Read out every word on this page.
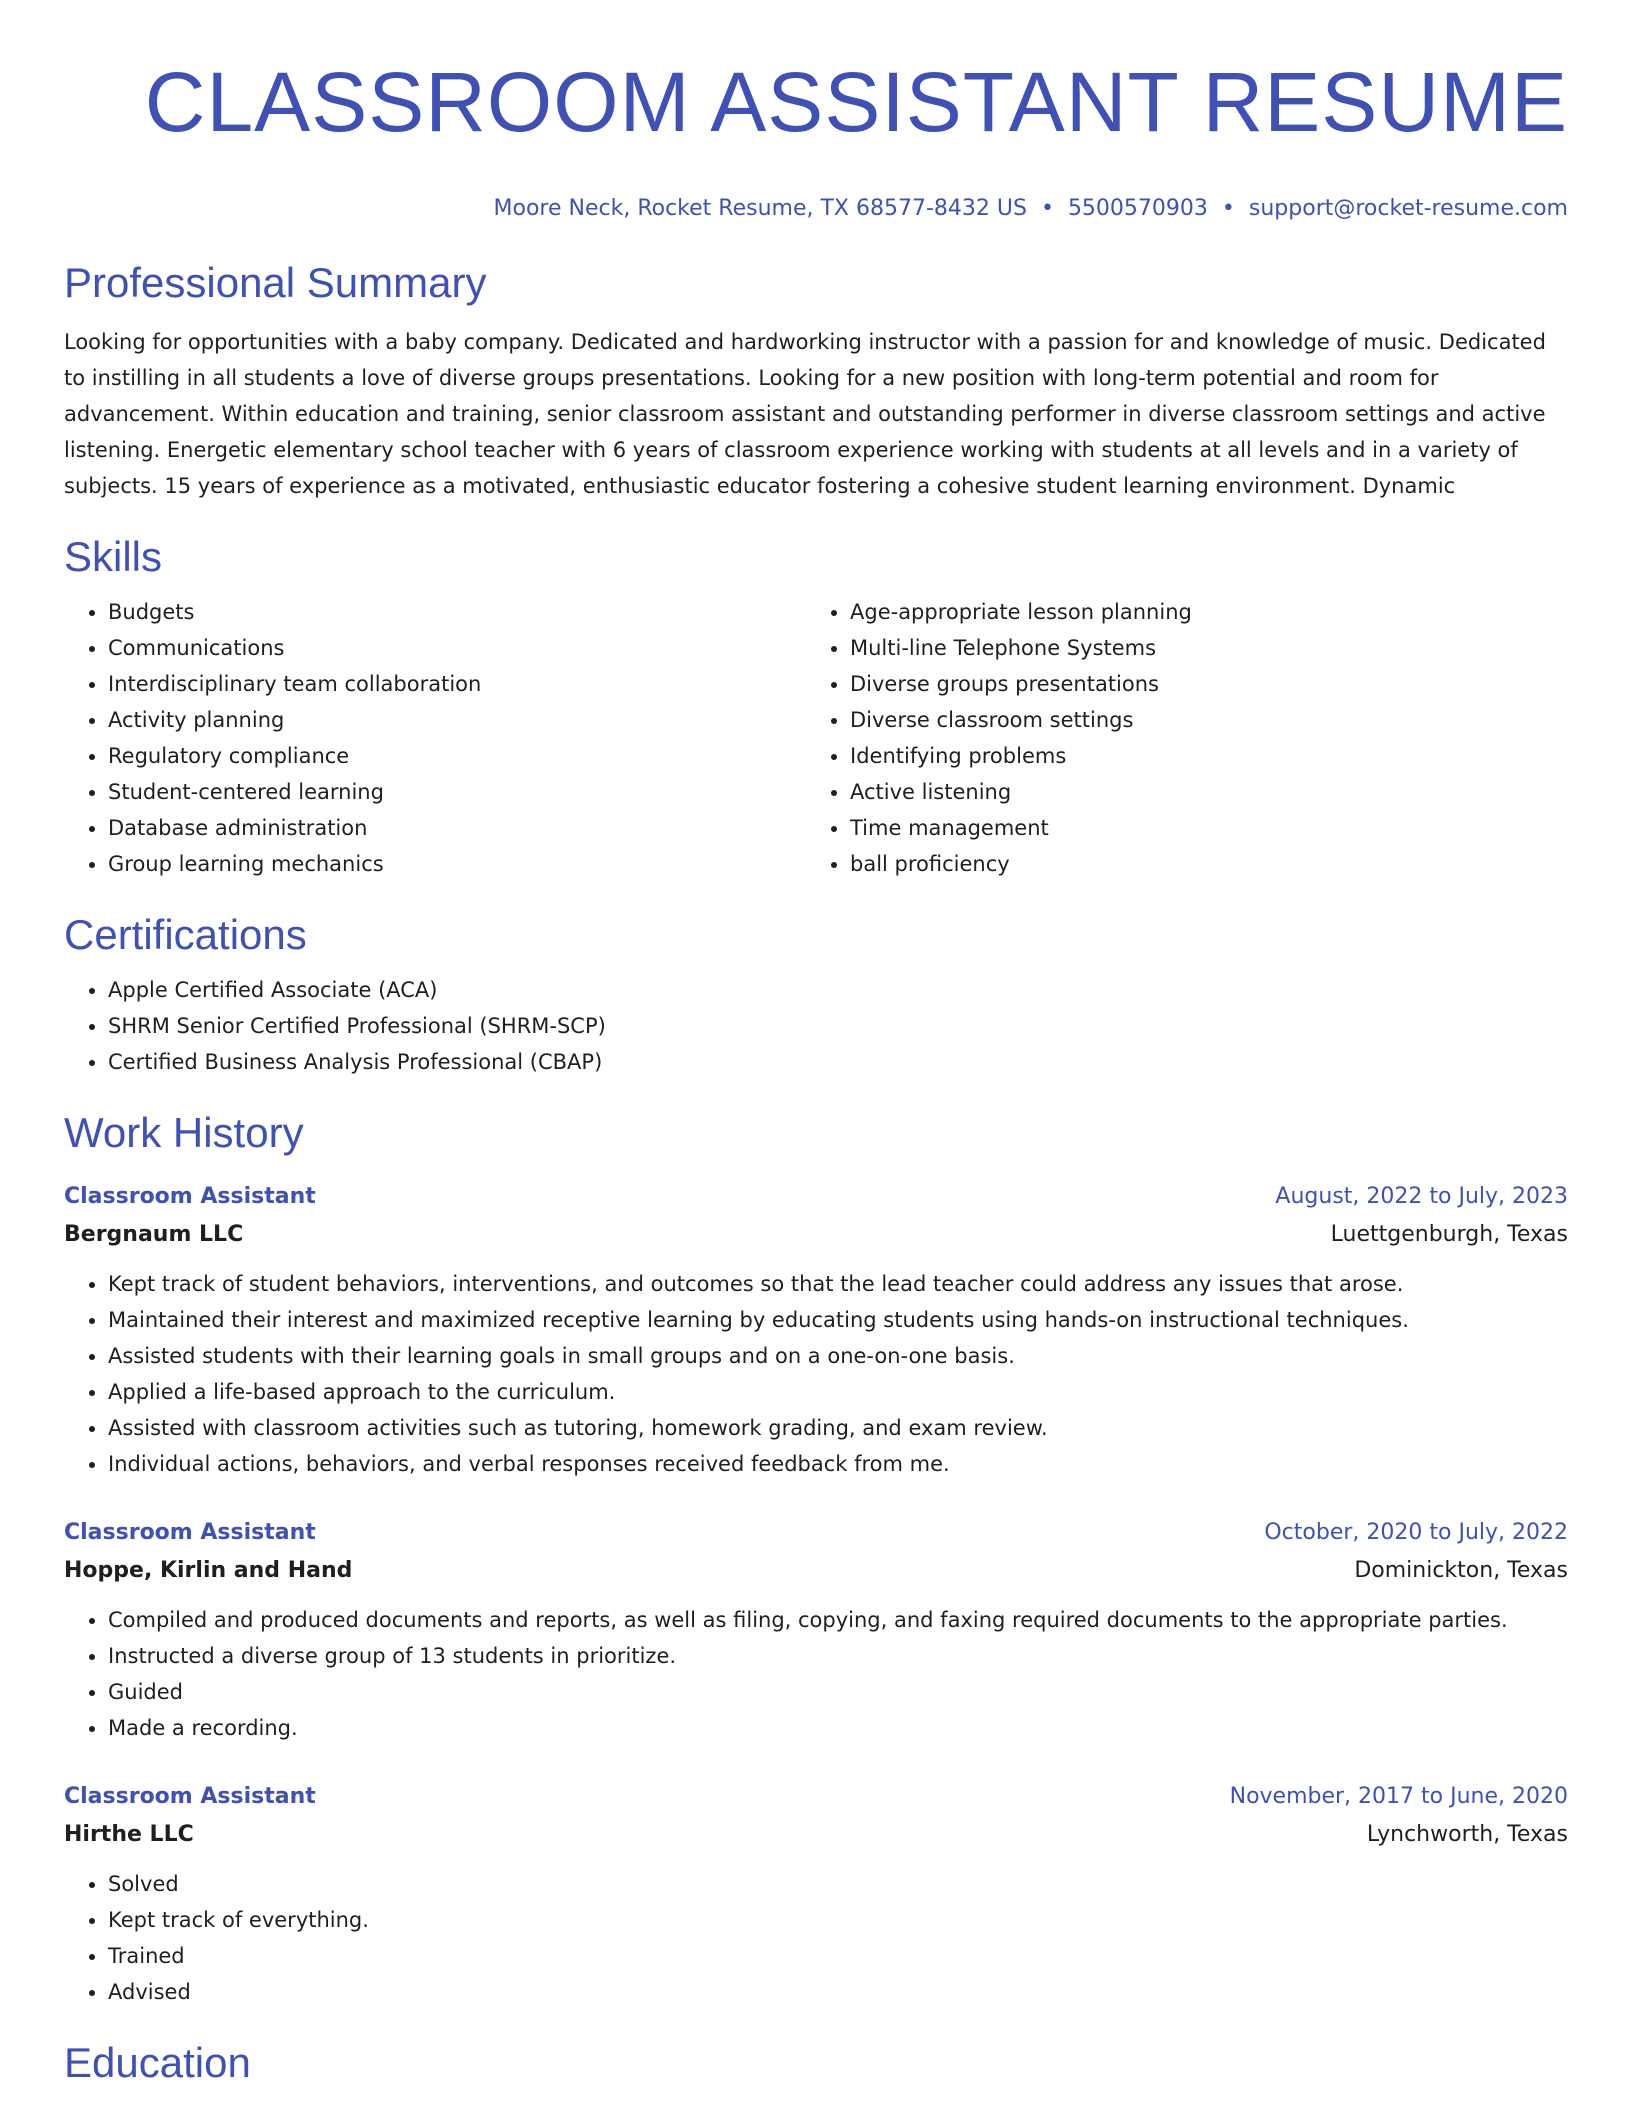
CLASSROOM ASSISTANT RESUME
Moore Neck, Rocket Resume, TX 68577-8432 US • 5500570903 • support@rocket-resume.com
Professional Summary

Looking for opportunities with a baby company. Dedicated and hardworking instructor with a passion for and knowledge of music. Dedicated to instilling in all students a love of diverse groups presentations. Looking for a new position with long-term potential and room for advancement. Within education and training, senior classroom assistant and outstanding performer in diverse classroom settings and active listening. Energetic elementary school teacher with 6 years of classroom experience working with students at all levels and in a variety of subjects. 15 years of experience as a motivated, enthusiastic educator fostering a cohesive student learning environment. Dynamic

Skills
• Budgets
• Communications
• Interdisciplinary team collaboration
• Activity planning
• Regulatory compliance
• Student-centered learning
• Database administration
• Group learning mechanics
• Age-appropriate lesson planning
• Multi-line Telephone Systems
• Diverse groups presentations
• Diverse classroom settings
• Identifying problems
• Active listening
• Time management
• ball proficiency
Certifications
• Apple Certified Associate (ACA)
• SHRM Senior Certified Professional (SHRM-SCP)
• Certified Business Analysis Professional (CBAP)
Work History
Classroom Assistant	August, 2022 to July, 2023
Bergnaum LLC	Luettgenburgh, Texas
• Kept track of student behaviors, interventions, and outcomes so that the lead teacher could address any issues that arose.
• Maintained their interest and maximized receptive learning by educating students using hands-on instructional techniques.
• Assisted students with their learning goals in small groups and on a one-on-one basis.
• Applied a life-based approach to the curriculum.
• Assisted with classroom activities such as tutoring, homework grading, and exam review.
• Individual actions, behaviors, and verbal responses received feedback from me.
Classroom Assistant	October, 2020 to July, 2022
Hoppe, Kirlin and Hand	Dominickton, Texas
• Compiled and produced documents and reports, as well as filing, copying, and faxing required documents to the appropriate parties.
• Instructed a diverse group of 13 students in prioritize.
• Guided
• Made a recording.
Classroom Assistant	November, 2017 to June, 2020
Hirthe LLC	Lynchworth, Texas
• Solved
• Kept track of everything.
• Trained
• Advised
Education
